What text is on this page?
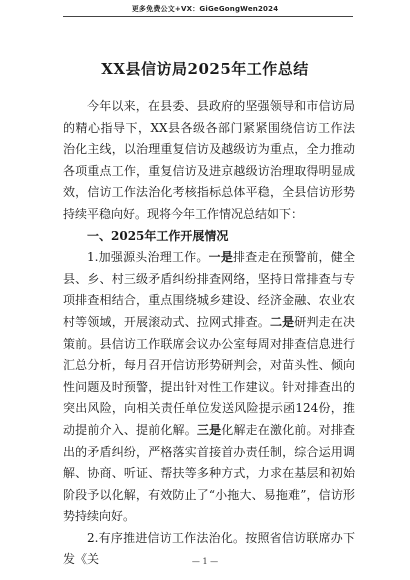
更多免费公文+VX：GiGeGongWen2024
XX县信访局2025年工作总结

今年以来，在县委、县政府的坚强领导和市信访局的精心指导下，XX县各级各部门紧紧围绕信访工作法治化主线，以治理重复信访及越级访为重点，全力推动各项重点工作，重复信访及进京越级访治理取得明显成效，信访工作法治化考核指标总体平稳，全县信访形势持续平稳向好。现将今年工作情况总结如下：

一、2025年工作开展情况

1.加强源头治理工作。一是排查走在预警前，健全县、乡、村三级矛盾纠纷排查网络，坚持日常排查与专项排查相结合，重点围绕城乡建设、经济金融、农业农村等领域，开展滚动式、拉网式排查。二是研判走在决策前。县信访工作联席会议办公室每周对排查信息进行汇总分析，每月召开信访形势研判会，对苗头性、倾向性问题及时预警，提出针对性工作建议。针对排查出的突出风险，向相关责任单位发送风险提示函124份，推动提前介入、提前化解。三是化解走在激化前。对排查出的矛盾纠纷，严格落实首接首办责任制，综合运用调解、协商、听证、帮扶等多种方式，力求在基层和初始阶段予以化解，有效防止了“小拖大、易拖难”，信访形势持续向好。

2.有序推进信访工作法治化。按照省信访联席办下发《关	— 1 —
